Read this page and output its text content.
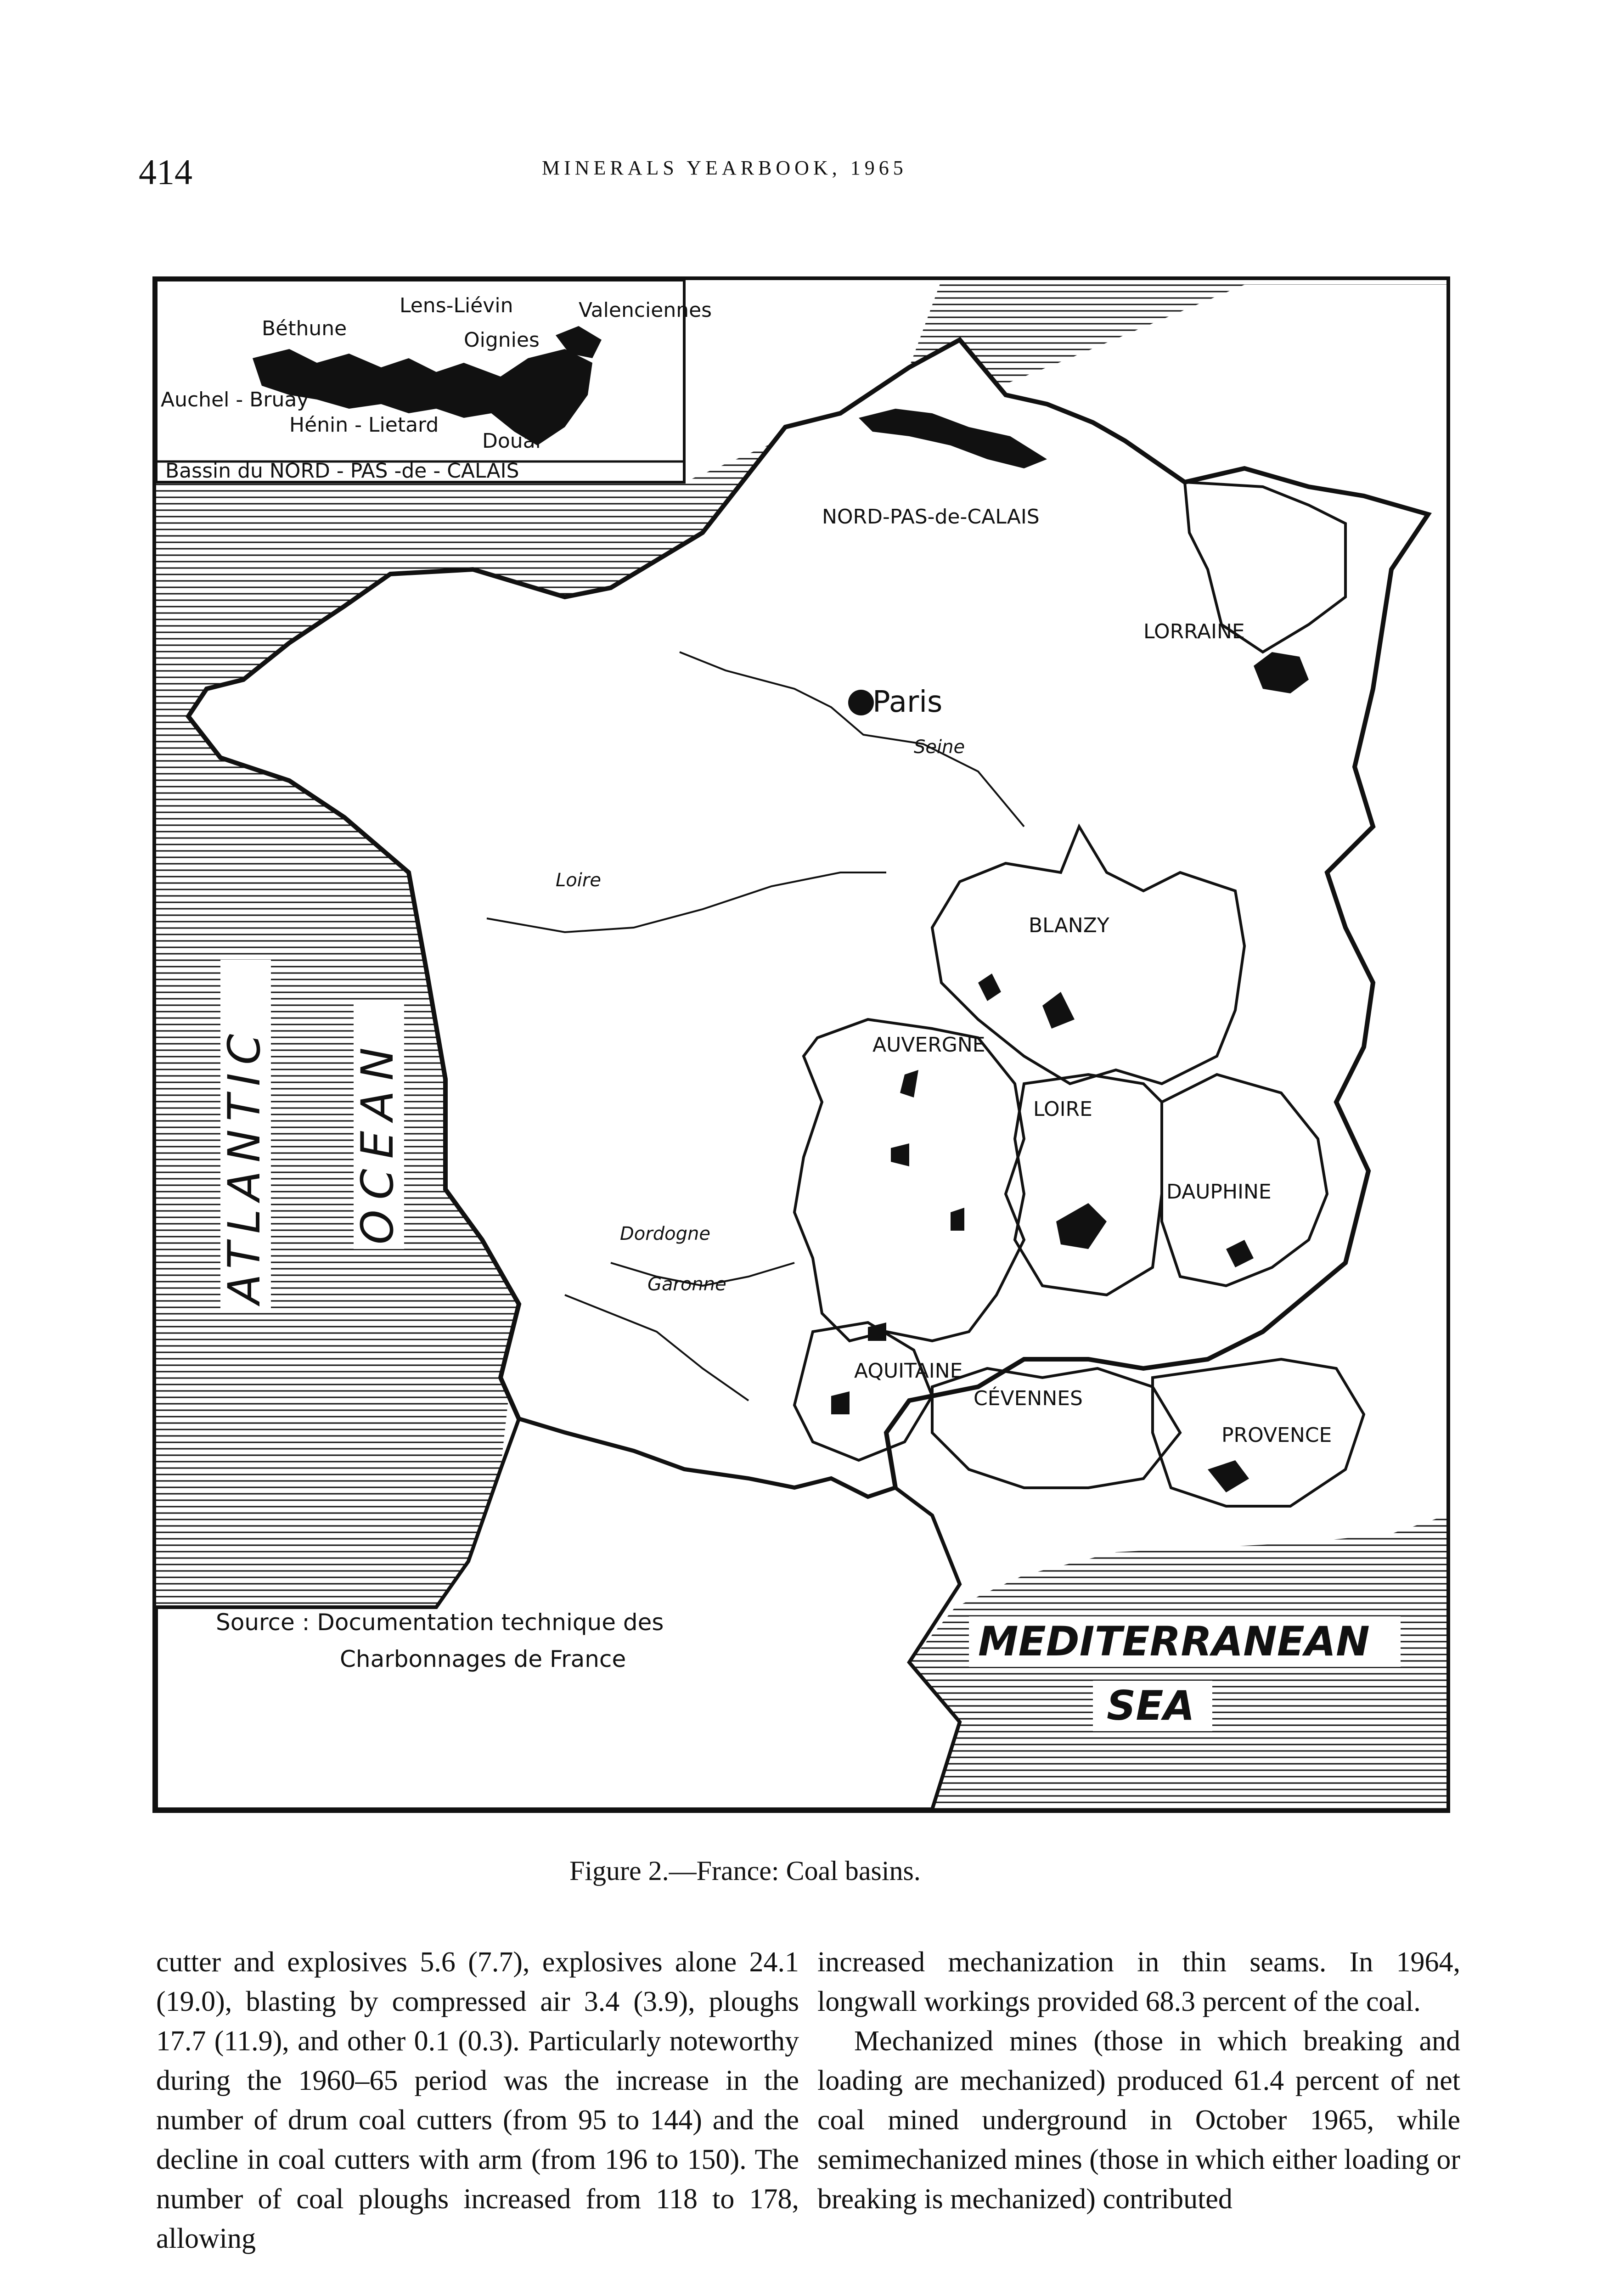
414	MINERALS YEARBOOK, 1965
Béthune
Lens-Liévin	Valenciennes
Oignies
Auchel - Bruay
Hénin - Lietard
Douai
Bassin du NORD - PAS -de - CALAIS
Paris
Seine
Loire
Dordogne
Garonne
NORD-PAS-de-CALAIS
LORRAINE
BLANZY
AUVERGNE
LOIRE
DAUPHINE
AQUITAINE
CÉVENNES
PROVENCE
ATLANTIC
OCEAN
MEDITERRANEAN
SEA
Source : Documentation technique des
Charbonnages de France
Figure 2.—France: Coal basins.

cutter and explosives 5.6 (7.7), explosives alone 24.1 (19.0), blasting by compressed air 3.4 (3.9), ploughs 17.7 (11.9), and other 0.1 (0.3). Particularly noteworthy during the 1960–65 period was the increase in the number of drum coal cutters (from 95 to 144) and the decline in coal cutters with arm (from 196 to 150). The number of coal ploughs increased from 118 to 178, allowing

increased mechanization in thin seams. In 1964, longwall workings provided 68.3 percent of the coal.

Mechanized mines (those in which breaking and loading are mechanized) produced 61.4 percent of net coal mined underground in October 1965, while semimechanized mines (those in which either loading or breaking is mechanized) contributed
